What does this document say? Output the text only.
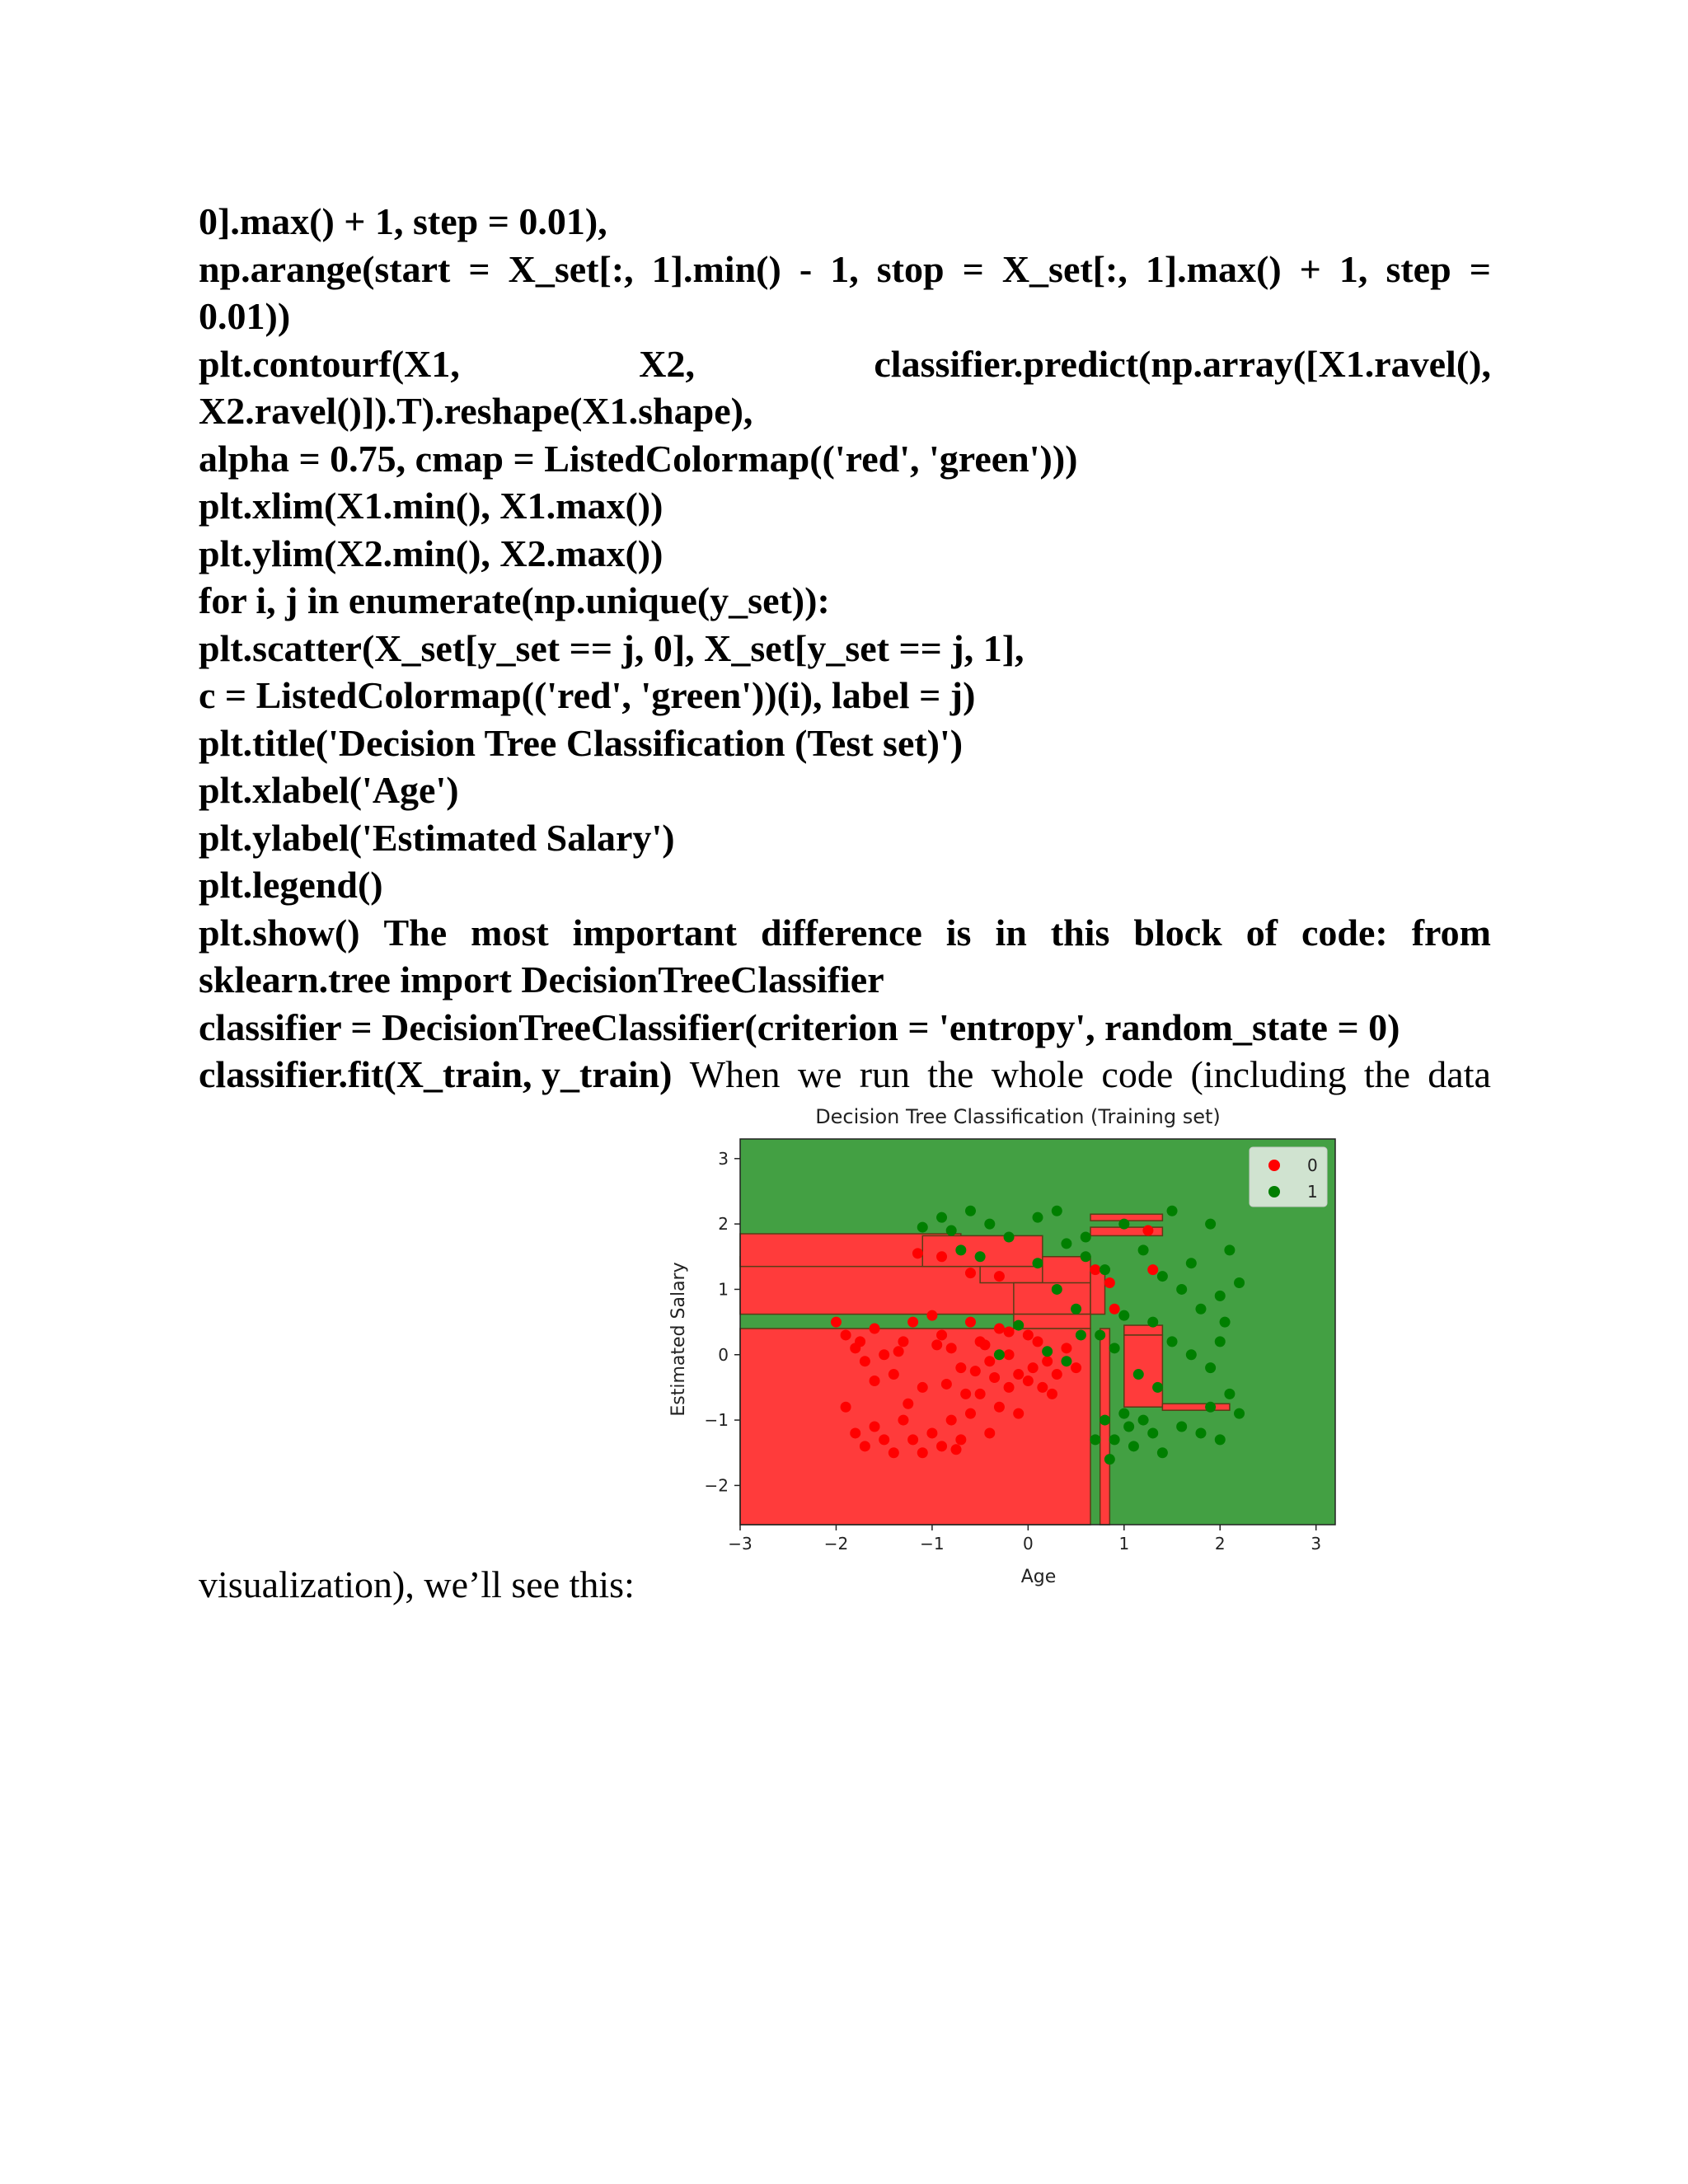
0].max() + 1, step = 0.01),
np.arange(start = X_set[:, 1].min() - 1, stop = X_set[:, 1].max() + 1, step =
0.01))
plt.contourf(X1,	X2,	classifier.predict(np.array([X1.ravel(),
X2.ravel()]).T).reshape(X1.shape),
alpha = 0.75, cmap = ListedColormap(('red', 'green')))
plt.xlim(X1.min(), X1.max())
plt.ylim(X2.min(), X2.max())
for i, j in enumerate(np.unique(y_set)):
plt.scatter(X_set[y_set == j, 0], X_set[y_set == j, 1],
c = ListedColormap(('red', 'green'))(i), label = j)
plt.title('Decision Tree Classification (Test set)')
plt.xlabel('Age')
plt.ylabel('Estimated Salary')
plt.legend()
plt.show() The most important difference is in this block of code: from
sklearn.tree import DecisionTreeClassifier
classifier = DecisionTreeClassifier(criterion = 'entropy', random_state = 0)
classifier.fit(X_train, y_train) When we run the whole code (including the data
Decision Tree Classification (Training set)
−3	−2	−1	0	1	2	3
−2
−1
0
1
2
3	0
1
Age
Estimated Salary
visualization), we’ll see this:
